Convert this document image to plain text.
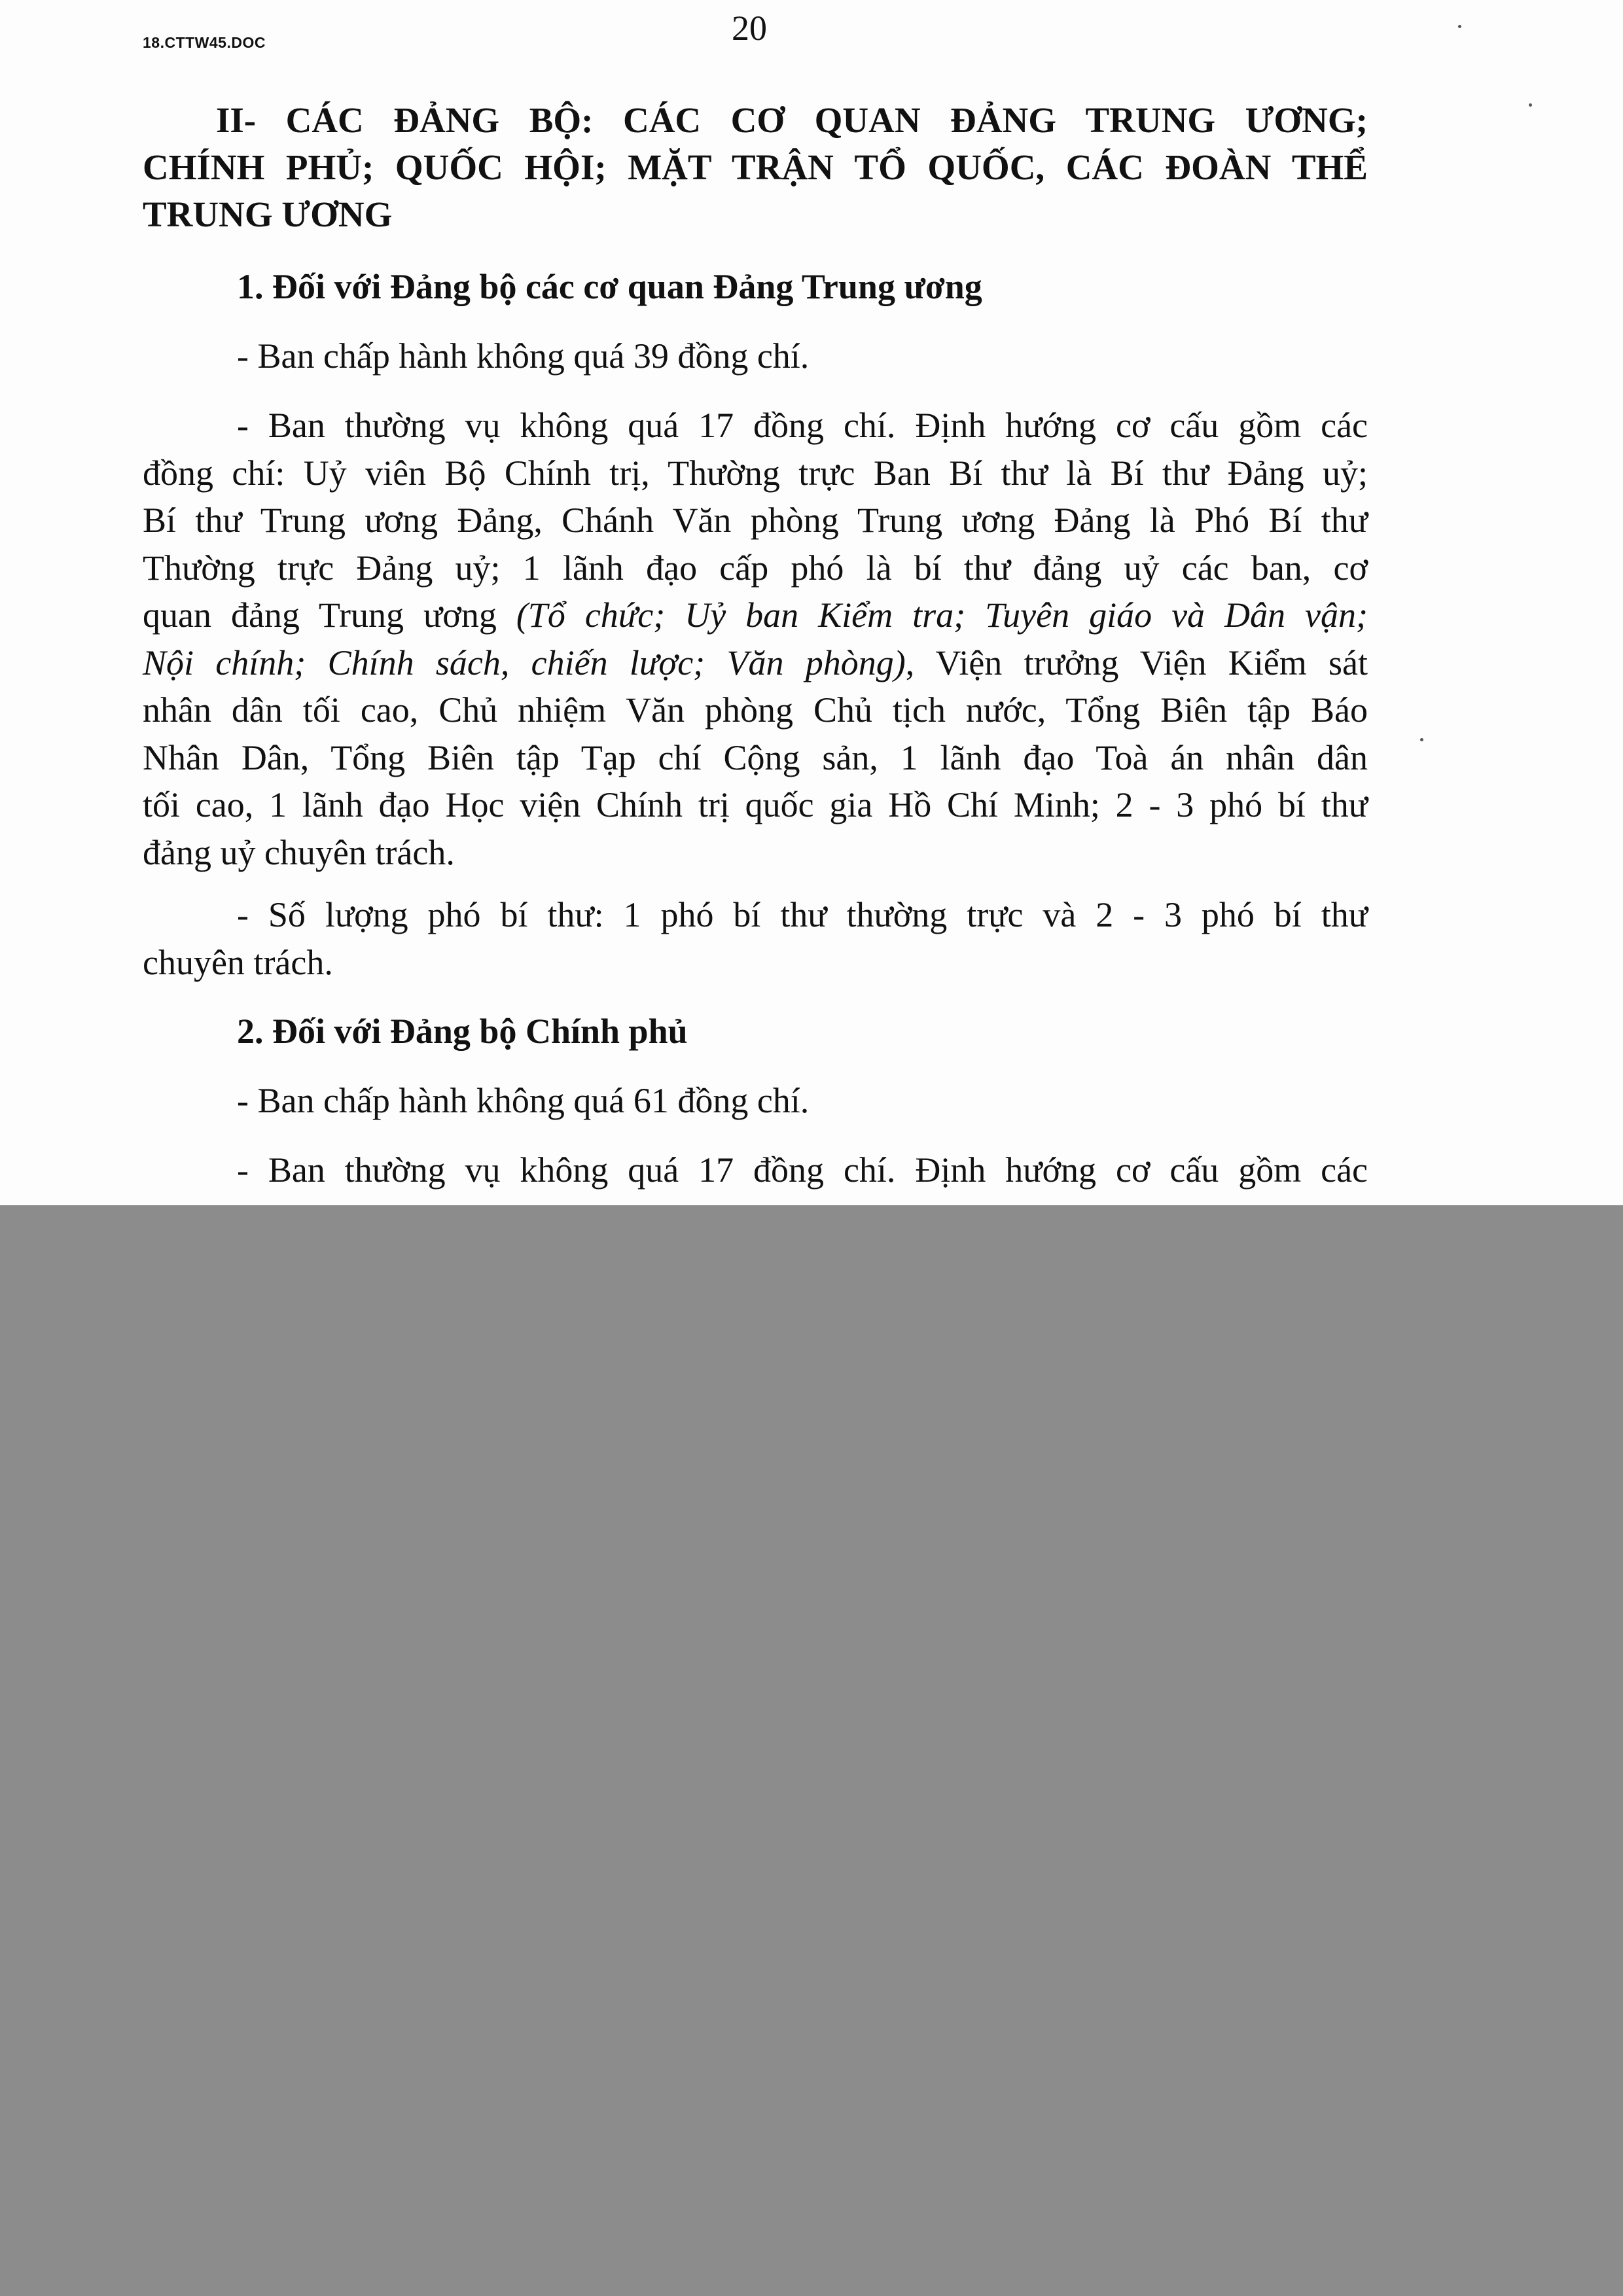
18.CTTW45.DOC	20
II- CÁC ĐẢNG BỘ: CÁC CƠ QUAN ĐẢNG TRUNG ƯƠNG;
CHÍNH PHỦ; QUỐC HỘI; MẶT TRẬN TỔ QUỐC, CÁC ĐOÀN THỂ
TRUNG ƯƠNG
1. Đối với Đảng bộ các cơ quan Đảng Trung ương
- Ban chấp hành không quá 39 đồng chí.
- Ban thường vụ không quá 17 đồng chí. Định hướng cơ cấu gồm các
đồng chí: Uỷ viên Bộ Chính trị, Thường trực Ban Bí thư là Bí thư Đảng uỷ;
Bí thư Trung ương Đảng, Chánh Văn phòng Trung ương Đảng là Phó Bí thư
Thường trực Đảng uỷ; 1 lãnh đạo cấp phó là bí thư đảng uỷ các ban, cơ
quan đảng Trung ương (Tổ chức; Uỷ ban Kiểm tra; Tuyên giáo và Dân vận;
Nội chính; Chính sách, chiến lược; Văn phòng), Viện trưởng Viện Kiểm sát
nhân dân tối cao, Chủ nhiệm Văn phòng Chủ tịch nước, Tổng Biên tập Báo
Nhân Dân, Tổng Biên tập Tạp chí Cộng sản, 1 lãnh đạo Toà án nhân dân
tối cao, 1 lãnh đạo Học viện Chính trị quốc gia Hồ Chí Minh; 2 - 3 phó bí thư
đảng uỷ chuyên trách.
- Số lượng phó bí thư: 1 phó bí thư thường trực và 2 - 3 phó bí thư
chuyên trách.
2. Đối với Đảng bộ Chính phủ
- Ban chấp hành không quá 61 đồng chí.
- Ban thường vụ không quá 17 đồng chí. Định hướng cơ cấu gồm các
